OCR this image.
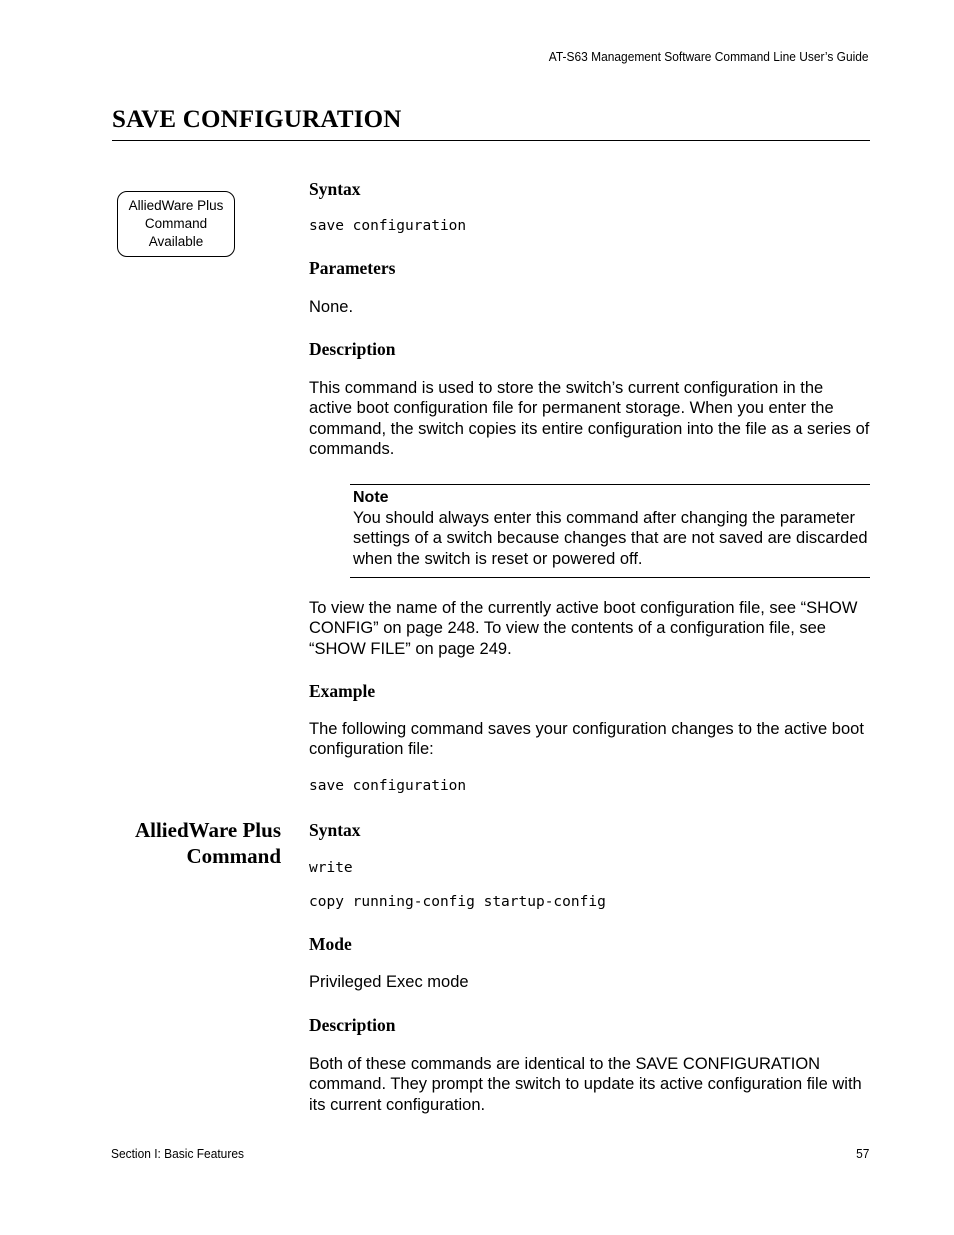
AT-S63 Management Software Command Line User’s Guide
SAVE CONFIGURATION
AlliedWare Plus
Command
Available
AlliedWare Plus
Command
Syntax
save configuration
Parameters
None.
Description
This command is used to store the switch’s current configuration in the active boot configuration file for permanent storage. When you enter the command, the switch copies its entire configuration into the file as a series of commands.
Note
You should always enter this command after changing the parameter settings of a switch because changes that are not saved are discarded when the switch is reset or powered off.
To view the name of the currently active boot configuration file, see “SHOW CONFIG” on page 248. To view the contents of a configuration file, see “SHOW FILE” on page 249.
Example
The following command saves your configuration changes to the active boot configuration file:
save configuration
Syntax
write
copy running-config startup-config
Mode
Privileged Exec mode
Description
Both of these commands are identical to the SAVE CONFIGURATION command. They prompt the switch to update its active configuration file with its current configuration.
Section I: Basic Features	57
